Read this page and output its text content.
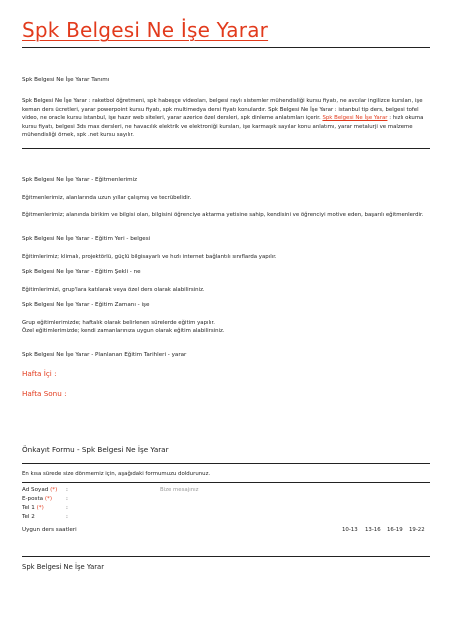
Spk Belgesi Ne İşe Yarar
Spk Belgesi Ne İşe Yarar Tanımı
Spk Belgesi Ne İşe Yarar : raketbol öğretmeni, spk habeşçe videoları, belgesi raylı sistemler mühendisliği kursu fiyatı, ne avcılar ingilizce kursları, işe keman ders ücretleri, yarar powerpoint kursu fiyatı, spk multimedya dersi fiyatı konulardır. Spk Belgesi Ne İşe Yarar : istanbul tip ders, belgesi tofel video, ne oracle kursu istanbul, işe hazır web siteleri, yarar azerice özel dersleri, spk dinleme anlatımları içerir. Spk Belgesi Ne İşe Yarar : hızlı okuma kursu fiyatı, belgesi 3ds max dersleri, ne havacılık elektrik ve elektroniği kursları, işe karmaşık sayılar konu anlatımı, yarar metalurji ve malzeme mühendisliği örnek, spk .net kursu sayılır.
Spk Belgesi Ne İşe Yarar - Eğitmenlerimiz
Eğitmenlerimiz, alanlarında uzun yıllar çalışmış ve tecrübelidir.
Eğitmenlerimiz; alanında birikim ve bilgisi olan, bilgisini öğrenciye aktarma yetisine sahip, kendisini ve öğrenciyi motive eden, başarılı eğitmenlerdir.
Spk Belgesi Ne İşe Yarar - Eğitim Yeri - belgesi
Eğitimlerimiz; klimalı, projektörlü, güçlü bilgisayarlı ve hızlı internet bağlantılı sınıflarda yapılır.
Spk Belgesi Ne İşe Yarar - Eğitim Şekli - ne
Eğitimlerimizi, grup'lara katılarak veya özel ders olarak alabilirsiniz.
Spk Belgesi Ne İşe Yarar - Eğitim Zamanı - işe
Grup eğitimlerimizde; haftalık olarak belirlenen sürelerde eğitim yapılır.
Özel eğitimlerimizde; kendi zamanlarınıza uygun olarak eğitim alabilirsiniz.
Spk Belgesi Ne İşe Yarar - Planlanan Eğitim Tarihleri - yarar
Hafta İçi :
Hafta Sonu :
Önkayıt Formu - Spk Belgesi Ne İşe Yarar
En kısa sürede size dönmemiz için, aşağıdaki formumuzu doldurunuz.
Ad Soyad (*) :	Bize mesajınız
E-posta (*) :
Tel 1 (*)	:
Tel 2	:
Uygun ders saatleri	10-13 13-16 16-19 19-22
Spk Belgesi Ne İşe Yarar
